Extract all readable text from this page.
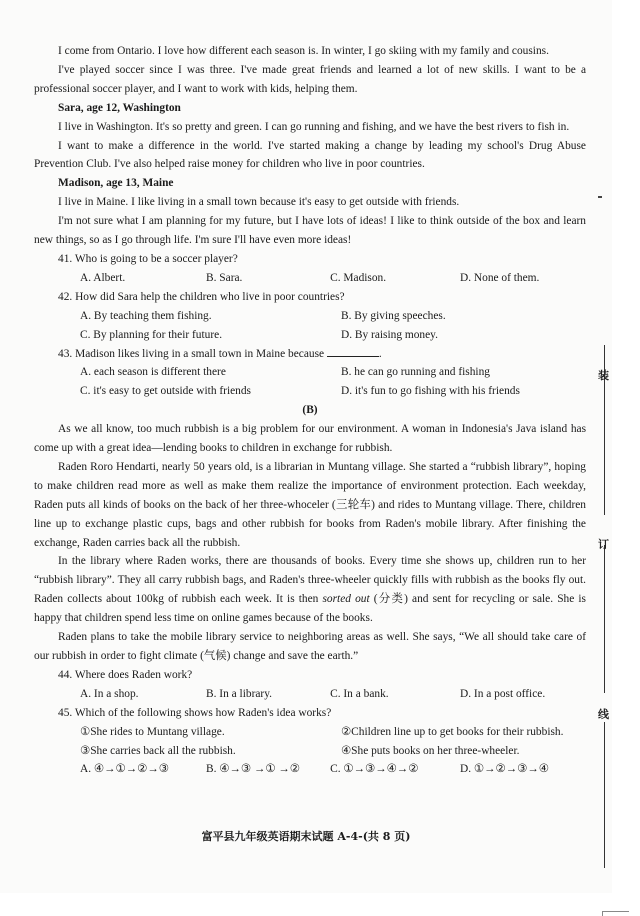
I come from Ontario. I love how different each season is. In winter, I go skiing with my family and cousins.

I've played soccer since I was three. I've made great friends and learned a lot of new skills. I want to be a professional soccer player, and I want to work with kids, helping them.

Sara, age 12, Washington

I live in Washington. It's so pretty and green. I can go running and fishing, and we have the best rivers to fish in.

I want to make a difference in the world. I've started making a change by leading my school's Drug Abuse Prevention Club. I've also helped raise money for children who live in poor countries.

Madison, age 13, Maine

I live in Maine. I like living in a small town because it's easy to get outside with friends.

I'm not sure what I am planning for my future, but I have lots of ideas! I like to think outside of the box and learn new things, so as I go through life. I'm sure I'll have even more ideas!

41. Who is going to be a soccer player?

A. Albert.	B. Sara.	C. Madison.	D. None of them.

42. How did Sara help the children who live in poor countries?

A. By teaching them fishing.	B. By giving speeches.
C. By planning for their future.	D. By raising money.

43. Madison likes living in a small town in Maine because	.

A. each season is different there	B. he can go running and fishing
C. it's easy to get outside with friends	D. it's fun to go fishing with his friends

(B)

As we all know, too much rubbish is a big problem for our environment. A woman in Indonesia's Java island has come up with a great idea—lending books to children in exchange for rubbish.

Raden Roro Hendarti, nearly 50 years old, is a librarian in Muntang village. She started a “rubbish library”, hoping to make children read more as well as make them realize the importance of environment protection. Each weekday, Raden puts all kinds of books on the back of her three-whoceler (三轮车) and rides to Muntang village. There, children line up to exchange plastic cups, bags and other rubbish for books from Raden's mobile library. After finishing the exchange, Raden carries back all the rubbish.

In the library where Raden works, there are thousands of books. Every time she shows up, children run to her “rubbish library”. They all carry rubbish bags, and Raden's three-wheeler quickly fills with rubbish as the books fly out. Raden collects about 100kg of rubbish each week. It is then sorted out (分类) and sent for recycling or sale. She is happy that children spend less time on online games because of the books.

Raden plans to take the mobile library service to neighboring areas as well. She says, “We all should take care of our rubbish in order to fight climate (气候) change and save the earth.”

44. Where does Raden work?

A. In a shop.	B. In a library.	C. In a bank.	D. In a post office.

45. Which of the following shows how Raden's idea works?

①She rides to Muntang village.	②Children line up to get books for their rubbish.
③She carries back all the rubbish.	④She puts books on her three-wheeler.
A. ④→①→②→③	B. ④→③ →① →②	C. ①→③→④→②	D. ①→②→③→④
富平县九年级英语期末试题 A-4-(共 8 页)
装
订
线
